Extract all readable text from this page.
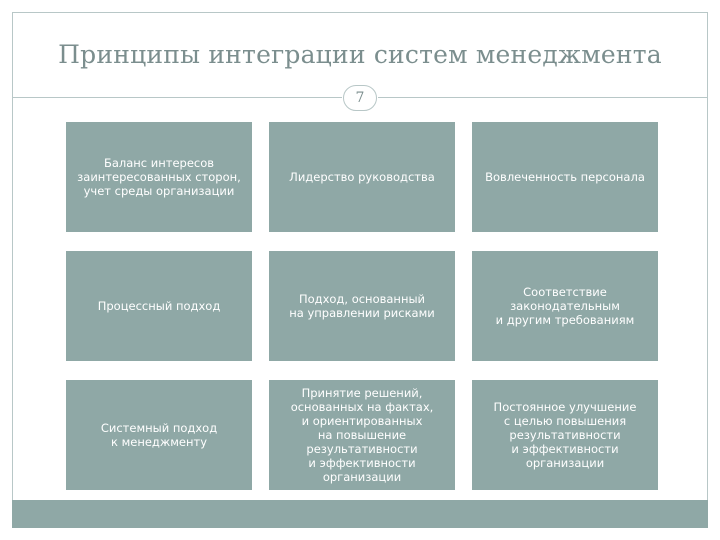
Принципы интеграции систем менеджмента
7
Баланс интересов
заинтересованных сторон,
учет среды организации
Лидерство руководства	Вовлеченность персонала
Процессный подход	Подход, основанный
на управлении рисками
Соответствие
законодательным
и другим требованиям
Системный подход
к менеджменту
Принятие решений,
основанных на фактах,
и ориентированных
на повышение
результативности
и эффективности
организации
Постоянное улучшение
с целью повышения
результативности
и эффективности
организации
